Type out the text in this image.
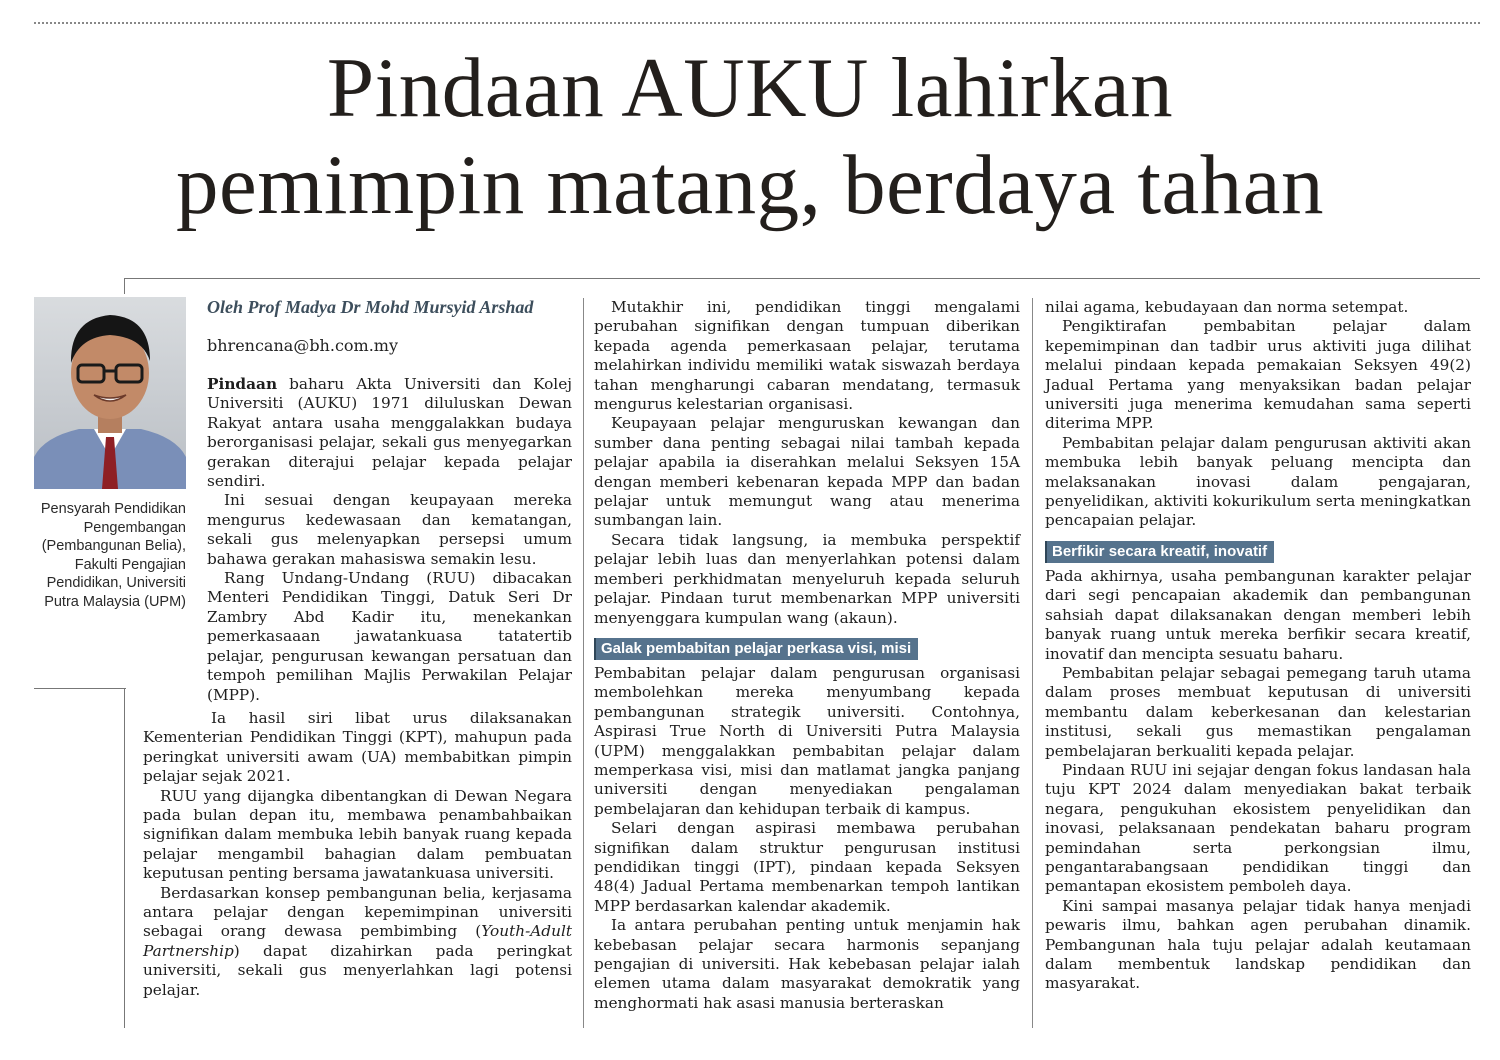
Pindaan AUKU lahirkan
pemimpin matang, berdaya tahan
Pensyarah Pendidikan Pengembangan (Pembangunan Belia), Fakulti Pengajian Pendidikan, Universiti Putra Malaysia (UPM)
Oleh Prof Madya Dr Mohd Mursyid Arshad
bhrencana@bh.com.my

Pindaan baharu Akta Universiti dan Kolej Universiti (AUKU) 1971 diluluskan Dewan Rakyat antara usaha menggalakkan budaya berorganisasi pelajar, sekali gus menyegarkan gerakan diterajui pelajar kepada pelajar sendiri.

Ini sesuai dengan keupayaan mereka mengurus kedewasaan dan kematangan, sekali gus melenyapkan persepsi umum bahawa gerakan mahasiswa semakin lesu.

Rang Undang-Undang (RUU) dibacakan Menteri Pendidikan Tinggi, Datuk Seri Dr Zambry Abd Kadir itu, menekankan pemerkasaaan jawatankuasa tatatertib pelajar, pengurusan kewangan persatuan dan tempoh pemilihan Majlis Perwakilan Pelajar (MPP).

Ia hasil siri libat urus dilaksanakan Kementerian Pendidikan Tinggi (KPT), mahupun pada peringkat universiti awam (UA) membabitkan pimpin pelajar sejak 2021.

RUU yang dijangka dibentangkan di Dewan Negara pada bulan depan itu, membawa penambahbaikan signifikan dalam membuka lebih banyak ruang kepada pelajar mengambil bahagian dalam pembuatan keputusan penting bersama jawatankuasa universiti.

Berdasarkan konsep pembangunan belia, kerjasama antara pelajar dengan kepemimpinan universiti sebagai orang dewasa pembimbing (Youth-Adult Partnership) dapat dizahirkan pada peringkat universiti, sekali gus menyerlahkan lagi potensi pelajar.

Mutakhir ini, pendidikan tinggi mengalami perubahan signifikan dengan tumpuan diberikan kepada agenda pemerkasaan pelajar, terutama melahirkan individu memiliki watak siswazah berdaya tahan mengharungi cabaran mendatang, termasuk mengurus kelestarian organisasi.

Keupayaan pelajar menguruskan kewangan dan sumber dana penting sebagai nilai tambah kepada pelajar apabila ia diserahkan melalui Seksyen 15A dengan memberi kebenaran kepada MPP dan badan pelajar untuk memungut wang atau menerima sumbangan lain.

Secara tidak langsung, ia membuka perspektif pelajar lebih luas dan menyerlahkan potensi dalam memberi perkhidmatan menyeluruh kepada seluruh pelajar. Pindaan turut membenarkan MPP universiti menyenggara kumpulan wang (akaun).

Galak pembabitan pelajar perkasa visi, misi

Pembabitan pelajar dalam pengurusan organisasi membolehkan mereka menyumbang kepada pembangunan strategik universiti. Contohnya, Aspirasi True North di Universiti Putra Malaysia (UPM) menggalakkan pembabitan pelajar dalam memperkasa visi, misi dan matlamat jangka panjang universiti dengan menyediakan pengalaman pembelajaran dan kehidupan terbaik di kampus.

Selari dengan aspirasi membawa perubahan signifikan dalam struktur pengurusan institusi pendidikan tinggi (IPT), pindaan kepada Seksyen 48(4) Jadual Pertama membenarkan tempoh lantikan MPP berdasarkan kalendar akademik.

Ia antara perubahan penting untuk menjamin hak kebebasan pelajar secara harmonis sepanjang pengajian di universiti. Hak kebebasan pelajar ialah elemen utama dalam masyarakat demokratik yang menghormati hak asasi manusia berteraskan

nilai agama, kebudayaan dan norma setempat.

Pengiktirafan pembabitan pelajar dalam kepemimpinan dan tadbir urus aktiviti juga dilihat melalui pindaan kepada pemakaian Seksyen 49(2) Jadual Pertama yang menyaksikan badan pelajar universiti juga menerima kemudahan sama seperti diterima MPP.

Pembabitan pelajar dalam pengurusan aktiviti akan membuka lebih banyak peluang mencipta dan melaksanakan inovasi dalam pengajaran, penyelidikan, aktiviti kokurikulum serta meningkatkan pencapaian pelajar.

Berfikir secara kreatif, inovatif

Pada akhirnya, usaha pembangunan karakter pelajar dari segi pencapaian akademik dan pembangunan sahsiah dapat dilaksanakan dengan memberi lebih banyak ruang untuk mereka berfikir secara kreatif, inovatif dan mencipta sesuatu baharu.

Pembabitan pelajar sebagai pemegang taruh utama dalam proses membuat keputusan di universiti membantu dalam keberkesanan dan kelestarian institusi, sekali gus memastikan pengalaman pembelajaran berkualiti kepada pelajar.

Pindaan RUU ini sejajar dengan fokus landasan hala tuju KPT 2024 dalam menyediakan bakat terbaik negara, pengukuhan ekosistem penyelidikan dan inovasi, pelaksanaan pendekatan baharu program pemindahan serta perkongsian ilmu, pengantarabangsaan pendidikan tinggi dan pemantapan ekosistem pemboleh daya.

Kini sampai masanya pelajar tidak hanya menjadi pewaris ilmu, bahkan agen perubahan dinamik. Pembangunan hala tuju pelajar adalah keutamaan dalam membentuk landskap pendidikan dan masyarakat.
